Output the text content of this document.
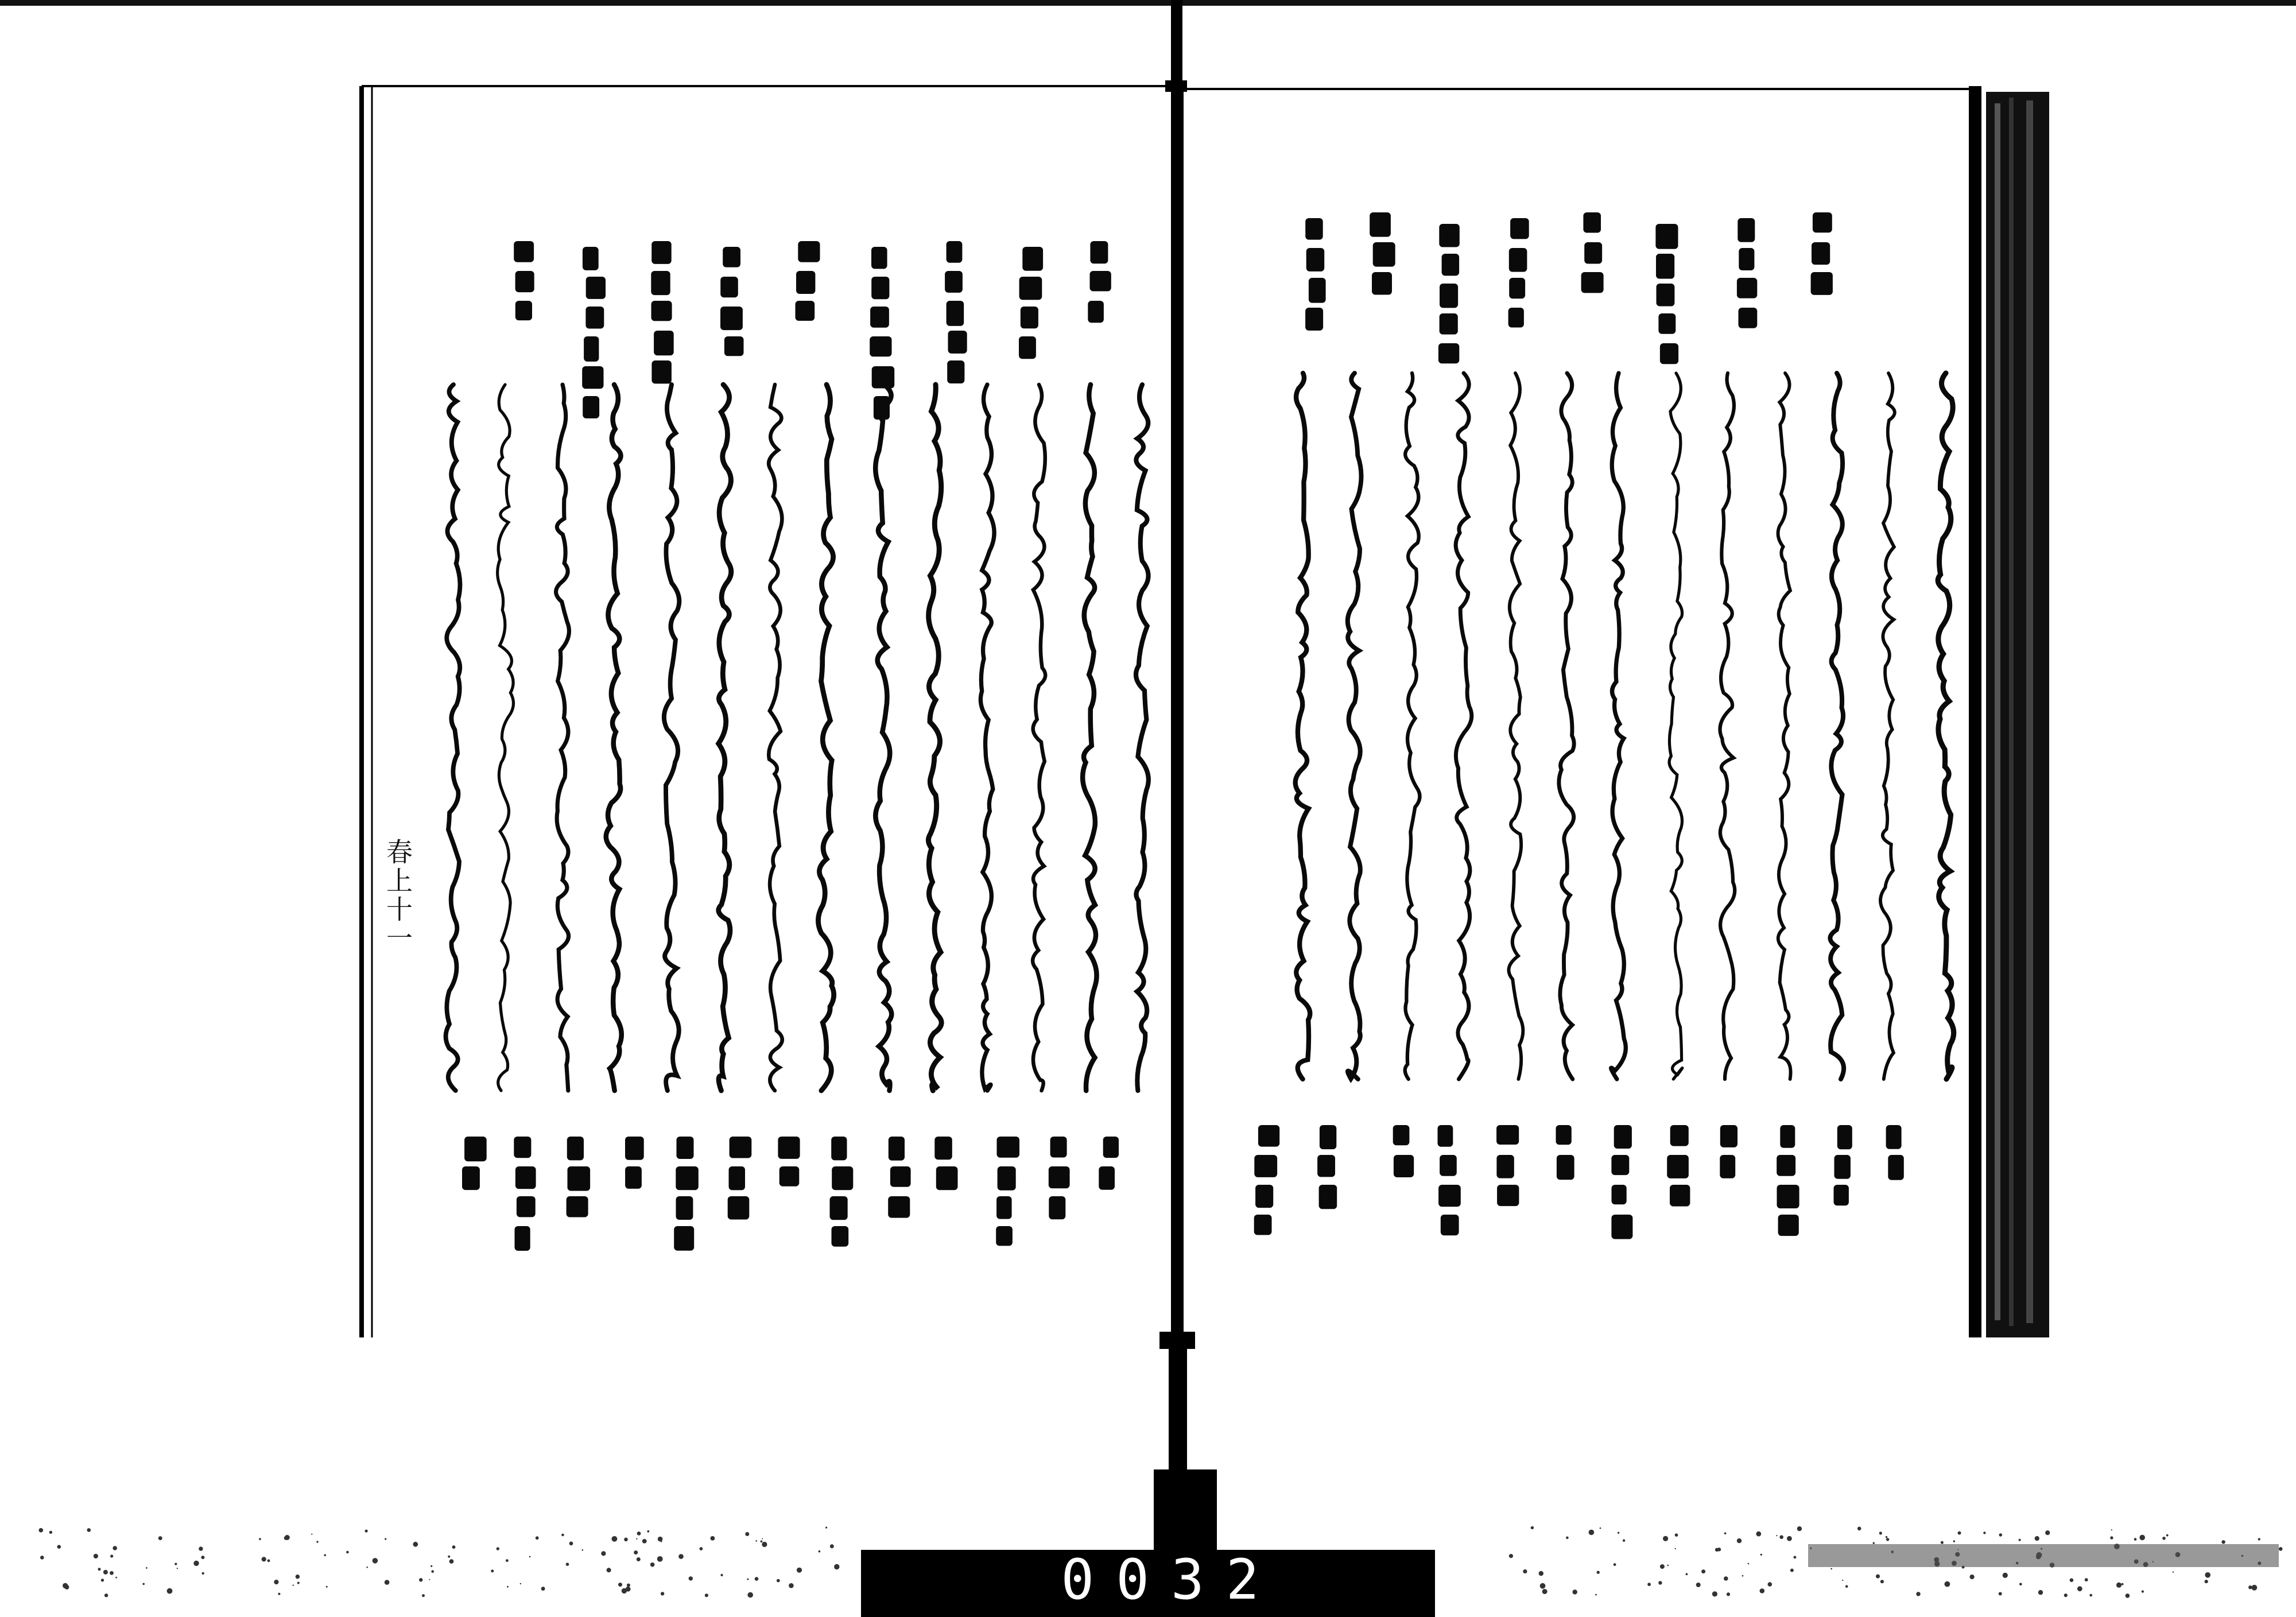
春上十一
0032
